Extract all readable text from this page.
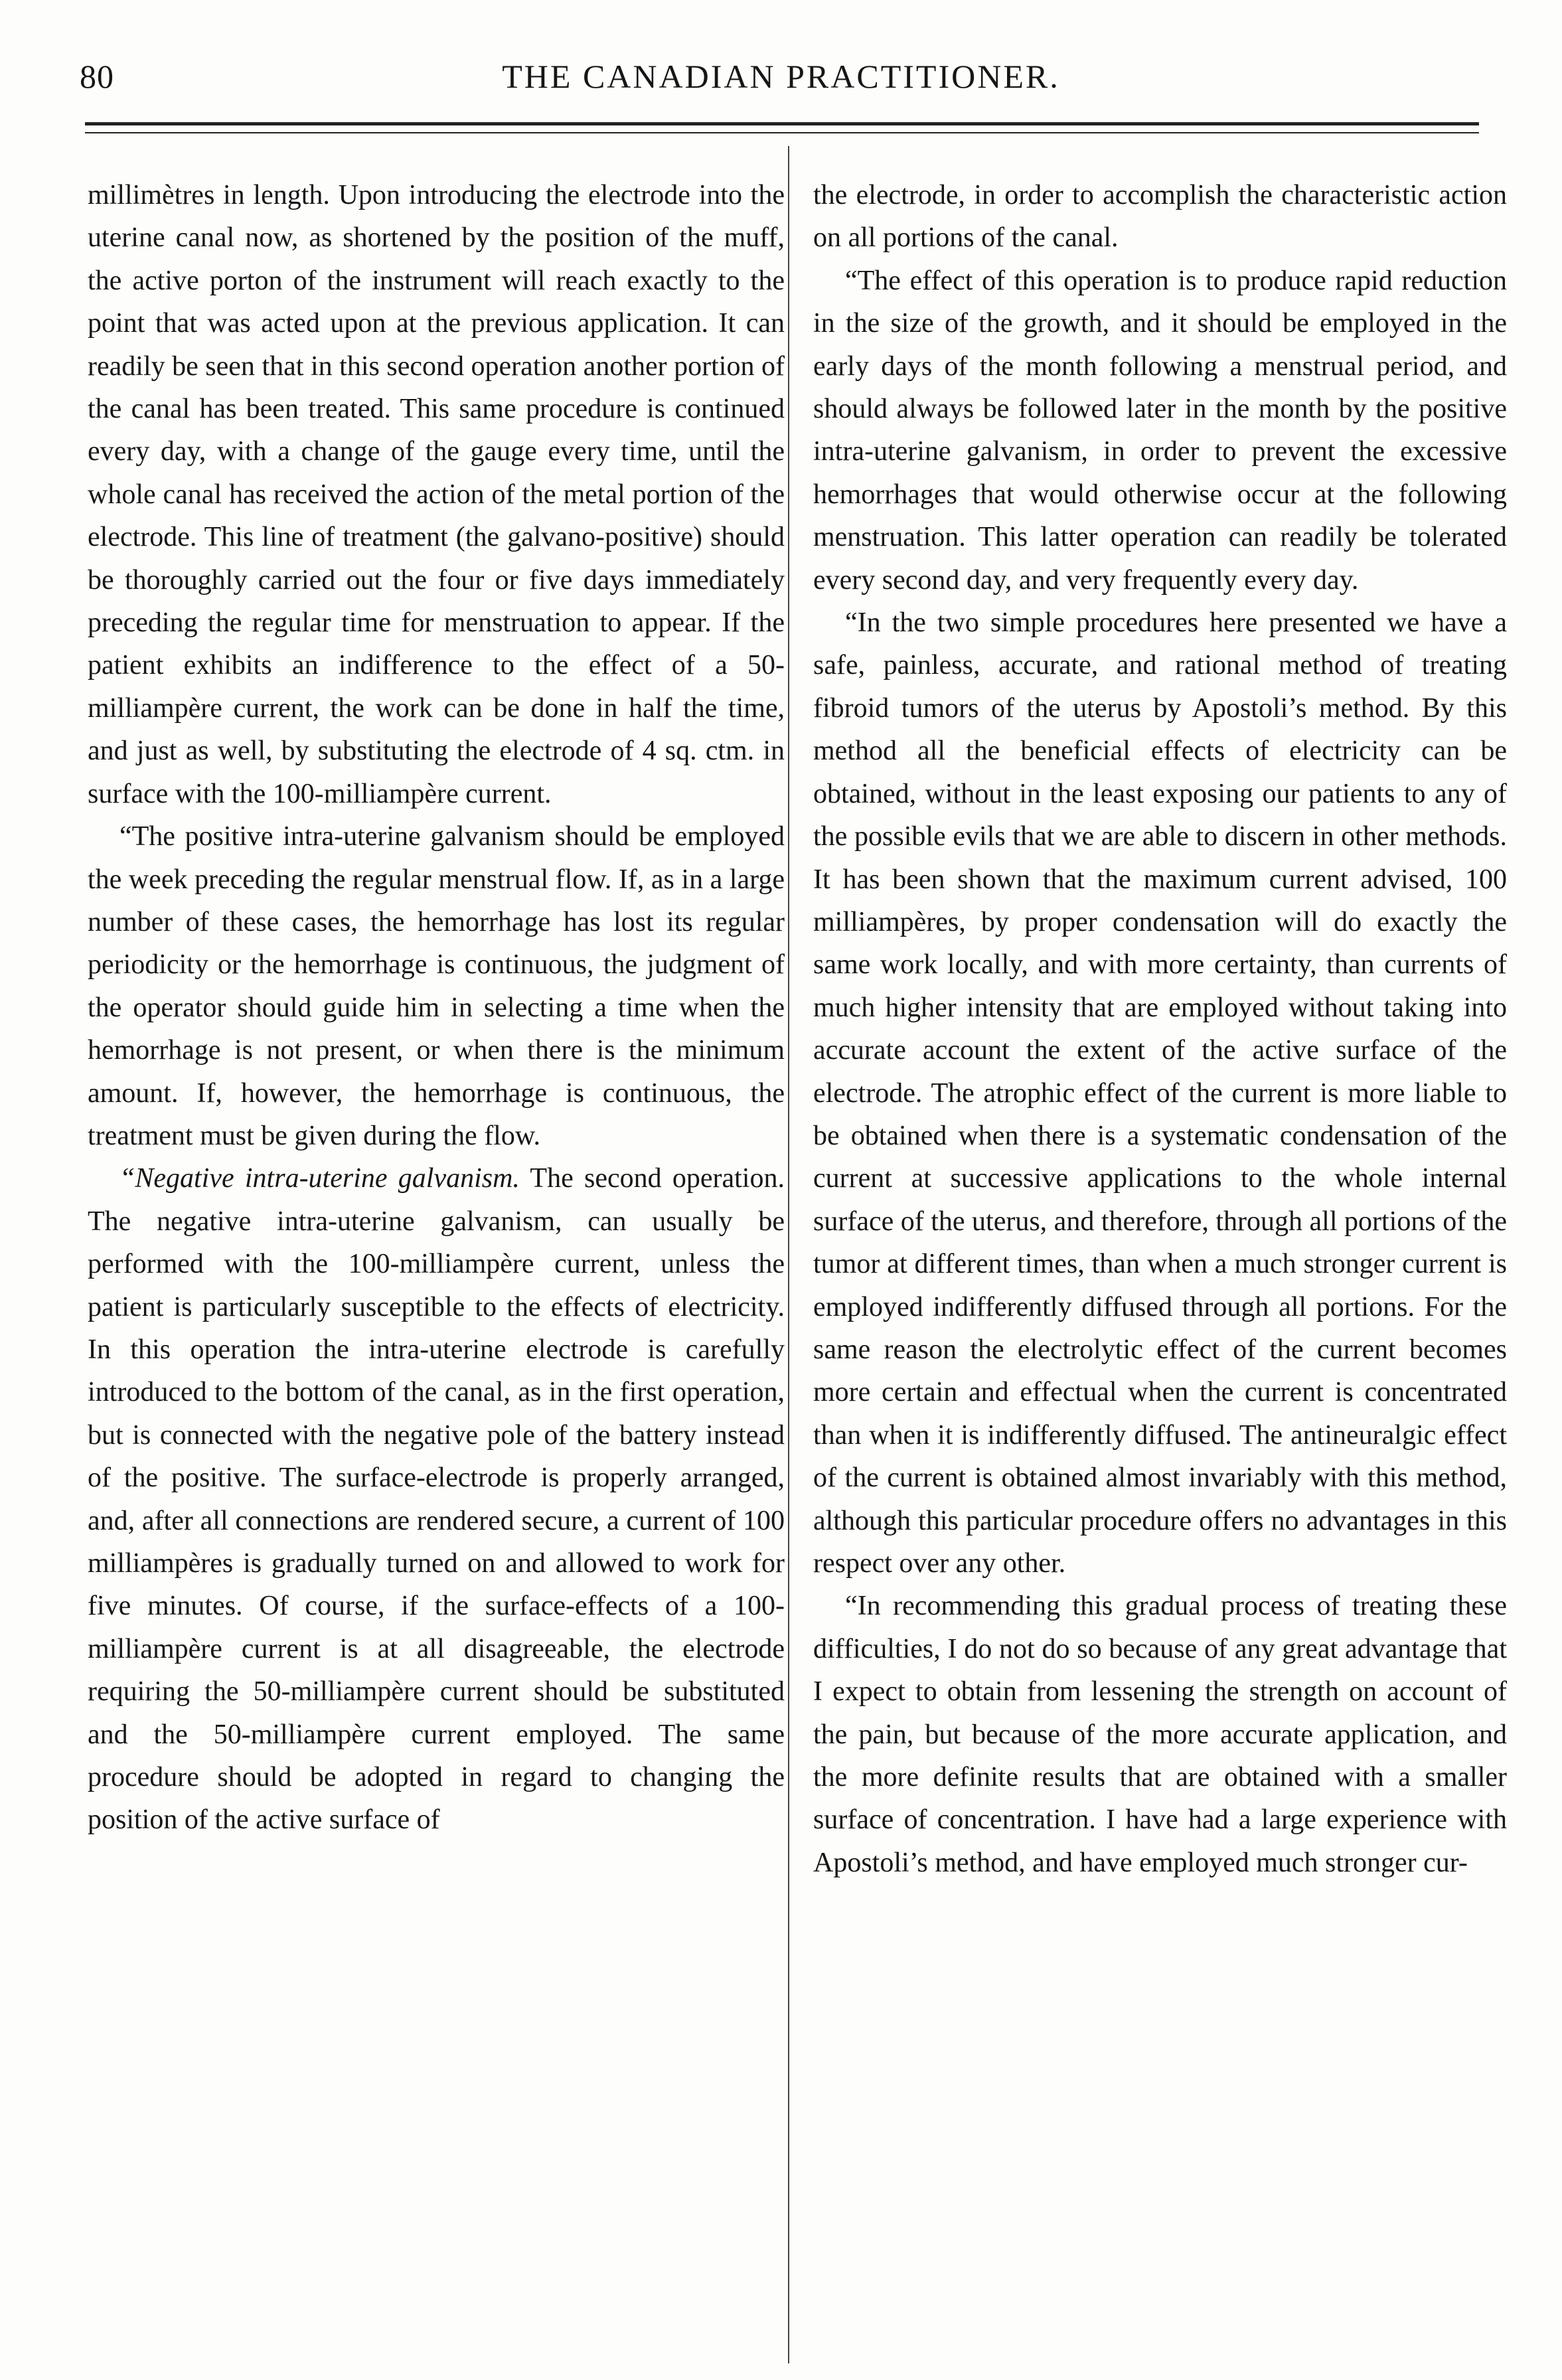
80	THE CANADIAN PRACTITIONER.

millimètres in length. Upon introducing the electrode into the uterine canal now, as shortened by the position of the muff, the active porton of the instrument will reach exactly to the point that was acted upon at the previous application. It can readily be seen that in this second operation another portion of the canal has been treated. This same procedure is continued every day, with a change of the gauge every time, until the whole canal has received the action of the metal portion of the electrode. This line of treatment (the galvano-positive) should be thoroughly carried out the four or five days immediately preceding the regular time for menstruation to appear. If the patient exhibits an indifference to the effect of a 50-milliampère current, the work can be done in half the time, and just as well, by substituting the electrode of 4 sq. ctm. in surface with the 100-milliampère current.

“The positive intra-uterine galvanism should be employed the week preceding the regular menstrual flow. If, as in a large number of these cases, the hemorrhage has lost its regular periodicity or the hemorrhage is continuous, the judgment of the operator should guide him in selecting a time when the hemorrhage is not present, or when there is the minimum amount. If, however, the hemorrhage is continuous, the treatment must be given during the flow.

“Negative intra-uterine galvanism. The second operation. The negative intra-uterine galvanism, can usually be performed with the 100-milliampère current, unless the patient is particularly susceptible to the effects of electricity. In this operation the intra-uterine electrode is carefully introduced to the bottom of the canal, as in the first operation, but is connected with the negative pole of the battery instead of the positive. The surface-electrode is properly arranged, and, after all connections are rendered secure, a current of 100 milliampères is gradually turned on and allowed to work for five minutes. Of course, if the surface-effects of a 100-milliampère current is at all disagreeable, the electrode requiring the 50-milliampère current should be substituted and the 50-milliampère current employed. The same procedure should be adopted in regard to changing the position of the active surface of

the electrode, in order to accomplish the characteristic action on all portions of the canal.

“The effect of this operation is to produce rapid reduction in the size of the growth, and it should be employed in the early days of the month following a menstrual period, and should always be followed later in the month by the positive intra-uterine galvanism, in order to prevent the excessive hemorrhages that would otherwise occur at the following menstruation. This latter operation can readily be tolerated every second day, and very frequently every day.

“In the two simple procedures here presented we have a safe, painless, accurate, and rational method of treating fibroid tumors of the uterus by Apostoli’s method. By this method all the beneficial effects of electricity can be obtained, without in the least exposing our patients to any of the possible evils that we are able to discern in other methods. It has been shown that the maximum current advised, 100 milliampères, by proper condensation will do exactly the same work locally, and with more certainty, than currents of much higher intensity that are employed without taking into accurate account the extent of the active surface of the electrode. The atrophic effect of the current is more liable to be obtained when there is a systematic condensation of the current at successive applications to the whole internal surface of the uterus, and therefore, through all portions of the tumor at different times, than when a much stronger current is employed indifferently diffused through all portions. For the same reason the electrolytic effect of the current becomes more certain and effectual when the current is concentrated than when it is indifferently diffused. The antineuralgic effect of the current is obtained almost invariably with this method, although this particular procedure offers no advantages in this respect over any other.

“In recommending this gradual process of treating these difficulties, I do not do so because of any great advantage that I expect to obtain from lessening the strength on account of the pain, but because of the more accurate application, and the more definite results that are obtained with a smaller surface of concentration. I have had a large experience with Apostoli’s method, and have employed much stronger cur-
